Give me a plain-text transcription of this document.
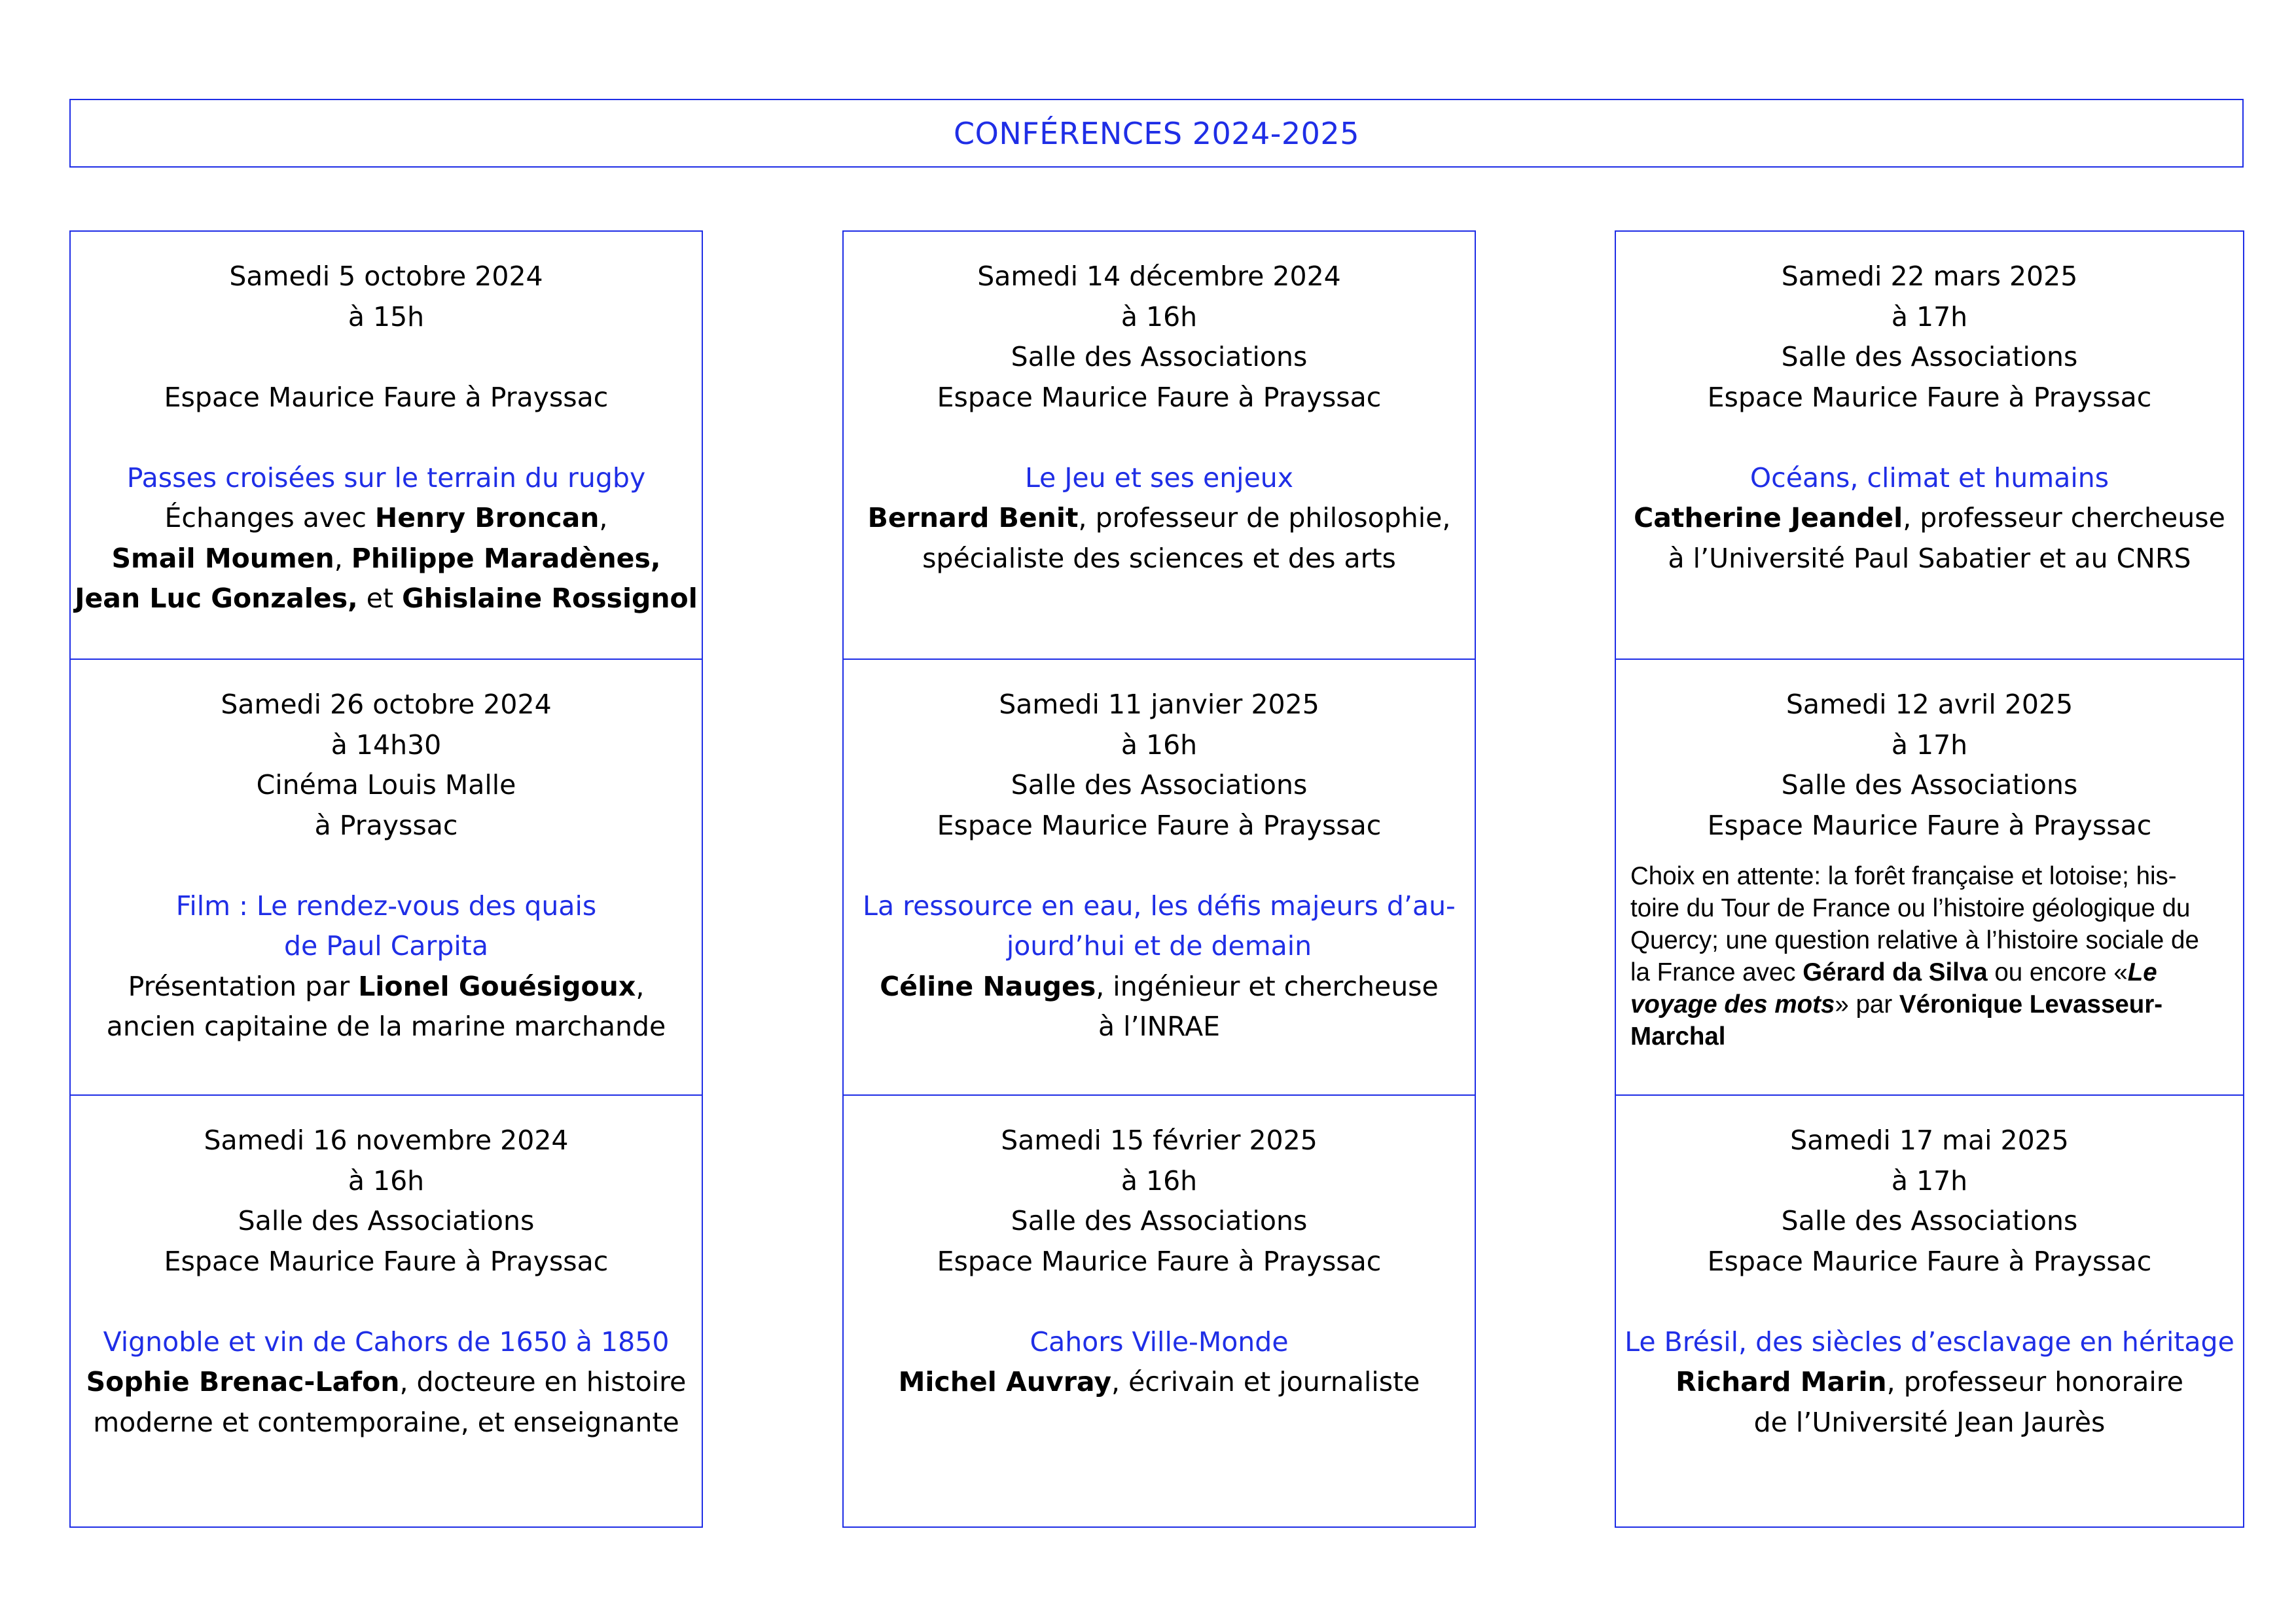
CONFÉRENCES 2024-2025
Samedi 5 octobre 2024
à 15h
Espace Maurice Faure à Prayssac
Passes croisées sur le terrain du rugby
Échanges avec Henry Broncan,
Smail Moumen, Philippe Maradènes,
Jean Luc Gonzales, et Ghislaine Rossignol
Samedi 26 octobre 2024
à 14h30
Cinéma Louis Malle
à Prayssac
Film : Le rendez-vous des quais
de Paul Carpita
Présentation par Lionel Gouésigoux,
ancien capitaine de la marine marchande
Samedi 16 novembre 2024
à 16h
Salle des Associations
Espace Maurice Faure à Prayssac
Vignoble et vin de Cahors de 1650 à 1850
Sophie Brenac-Lafon, docteure en histoire
moderne et contemporaine, et enseignante
Samedi 14 décembre 2024
à 16h
Salle des Associations
Espace Maurice Faure à Prayssac
Le Jeu et ses enjeux
Bernard Benit, professeur de philosophie,
spécialiste des sciences et des arts
Samedi 11 janvier 2025
à 16h
Salle des Associations
Espace Maurice Faure à Prayssac
La ressource en eau, les défis majeurs d’au-
jourd’hui et de demain
Céline Nauges, ingénieur et chercheuse
à l’INRAE
Samedi 15 février 2025
à 16h
Salle des Associations
Espace Maurice Faure à Prayssac
Cahors Ville-Monde
Michel Auvray, écrivain et journaliste
Samedi 22 mars 2025
à 17h
Salle des Associations
Espace Maurice Faure à Prayssac
Océans, climat et humains
Catherine Jeandel, professeur chercheuse
à l’Université Paul Sabatier et au CNRS
Samedi 12 avril 2025
à 17h
Salle des Associations
Espace Maurice Faure à Prayssac
Choix en attente: la forêt française et lotoise; his-toire du Tour de France ou l’histoire géologique du Quercy; une question relative à l’histoire sociale de la France avec Gérard da Silva ou encore «Le voyage des mots» par Véronique Levasseur-Marchal
Samedi 17 mai 2025
à 17h
Salle des Associations
Espace Maurice Faure à Prayssac
Le Brésil, des siècles d’esclavage en héritage
Richard Marin, professeur honoraire
de l’Université Jean Jaurès
